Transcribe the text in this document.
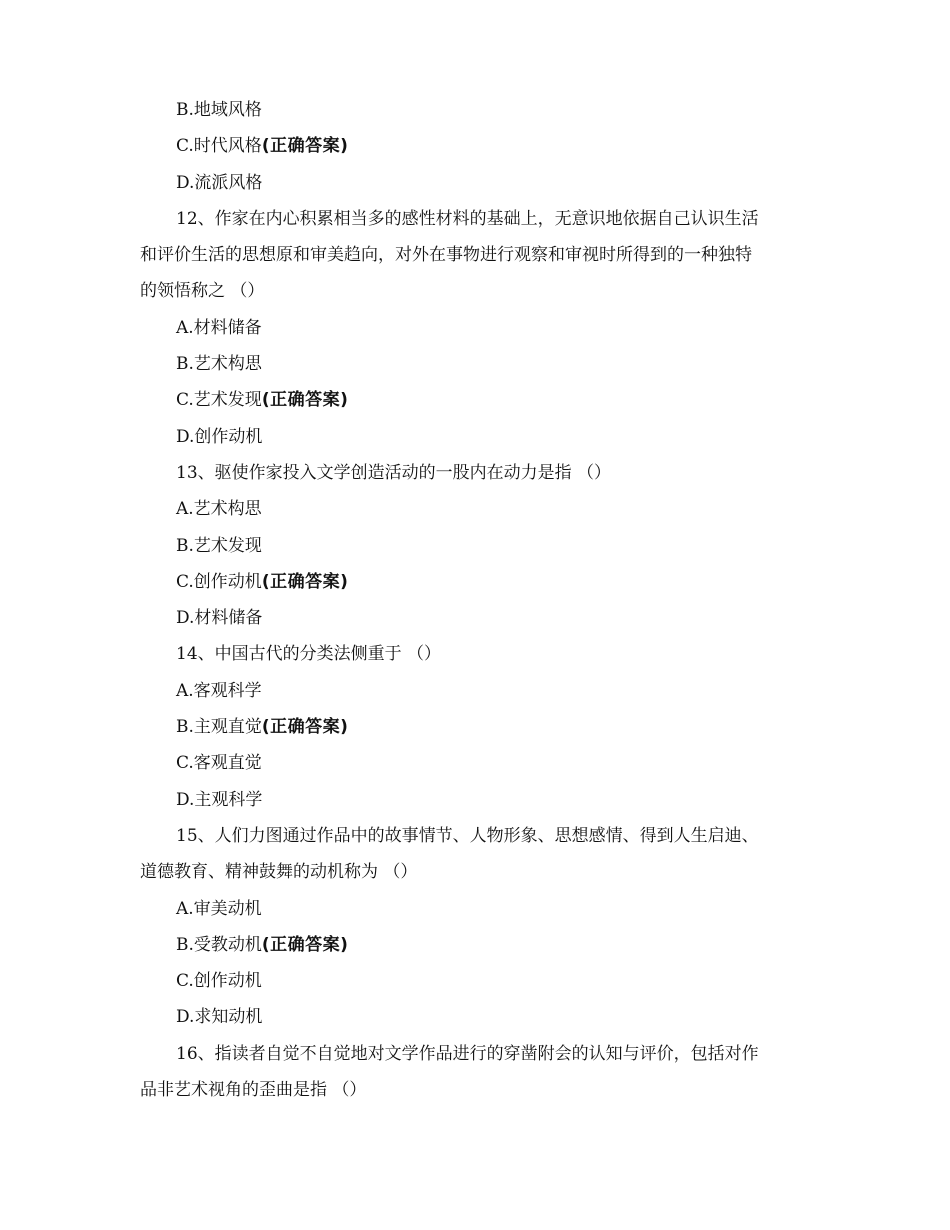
B.地域风格
C.时代风格(正确答案)
D.流派风格
12、作家在内心积累相当多的感性材料的基础上，无意识地依据自己认识生活
和评价生活的思想原和审美趋向，对外在事物进行观察和审视时所得到的一种独特
的领悟称之 （）
A.材料储备
B.艺术构思
C.艺术发现(正确答案)
D.创作动机
13、驱使作家投入文学创造活动的一股内在动力是指 （）
A.艺术构思
B.艺术发现
C.创作动机(正确答案)
D.材料储备
14、中国古代的分类法侧重于 （）
A.客观科学
B.主观直觉(正确答案)
C.客观直觉
D.主观科学
15、人们力图通过作品中的故事情节、人物形象、思想感情、得到人生启迪、
道德教育、精神鼓舞的动机称为 （）
A.审美动机
B.受教动机(正确答案)
C.创作动机
D.求知动机
16、指读者自觉不自觉地对文学作品进行的穿凿附会的认知与评价，包括对作
品非艺术视角的歪曲是指 （）
